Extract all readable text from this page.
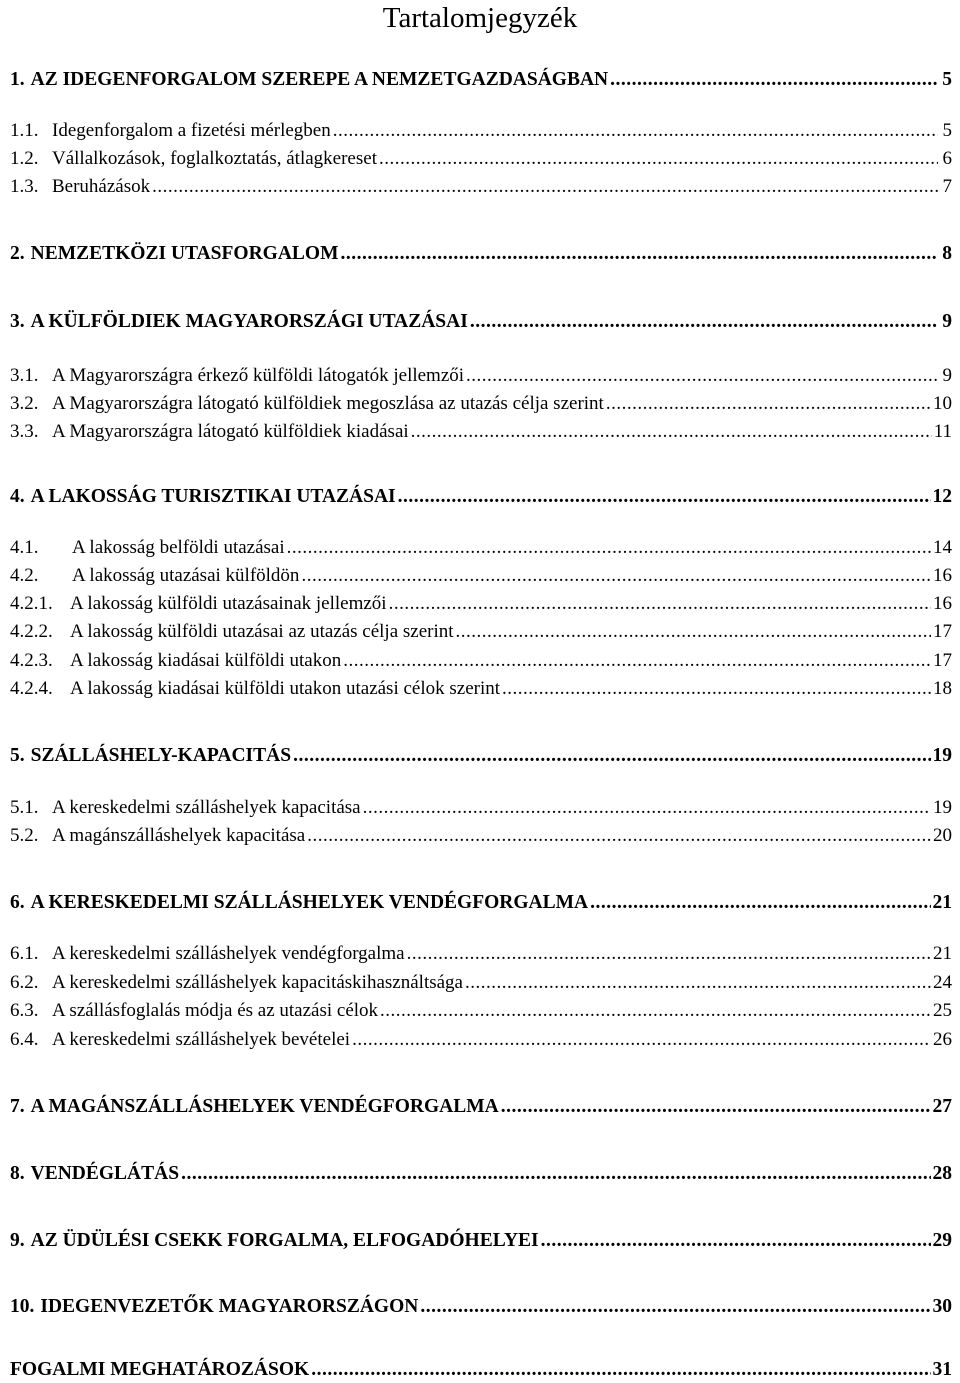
Tartalomjegyzék
1. AZ IDEGENFORGALOM SZEREPE A NEMZETGAZDASÁGBAN .....	5
1.1. Idegenforgalom a fizetési mérlegben .....	5
1.2. Vállalkozások, foglalkoztatás, átlagkereset .....	6
1.3. Beruházások .....	7
2. NEMZETKÖZI UTASFORGALOM .....	8
3. A KÜLFÖLDIEK MAGYARORSZÁGI UTAZÁSAI .....	9
3.1. A Magyarországra érkező külföldi látogatók jellemzői .....	9
3.2. A Magyarországra látogató külföldiek megoszlása az utazás célja szerint .....	10
3.3. A Magyarországra látogató külföldiek kiadásai .....	11
4. A LAKOSSÁG TURISZTIKAI UTAZÁSAI .....	12
4.1.	A lakosság belföldi utazásai .....	14
4.2.	A lakosság utazásai külföldön .....	16
4.2.1. A lakosság külföldi utazásainak jellemzői .....	16
4.2.2. A lakosság külföldi utazásai az utazás célja szerint .....	17
4.2.3. A lakosság kiadásai külföldi utakon .....	17
4.2.4. A lakosság kiadásai külföldi utakon utazási célok szerint .....	18
5. SZÁLLÁSHELY-KAPACITÁS .....	19
5.1. A kereskedelmi szálláshelyek kapacitása .....	19
5.2. A magánszálláshelyek kapacitása .....	20
6. A KERESKEDELMI SZÁLLÁSHELYEK VENDÉGFORGALMA .....	21
6.1. A kereskedelmi szálláshelyek vendégforgalma .....	21
6.2. A kereskedelmi szálláshelyek kapacitáskihasználtsága .....	24
6.3. A szállásfoglalás módja és az utazási célok .....	25
6.4. A kereskedelmi szálláshelyek bevételei .....	26
7. A MAGÁNSZÁLLÁSHELYEK VENDÉGFORGALMA .....	27
8. VENDÉGLÁTÁS .....	28
9. AZ ÜDÜLÉSI CSEKK FORGALMA, ELFOGADÓHELYEI .....	29
10. IDEGENVEZETŐK MAGYARORSZÁGON .....	30
FOGALMI MEGHATÁROZÁSOK .....	31
